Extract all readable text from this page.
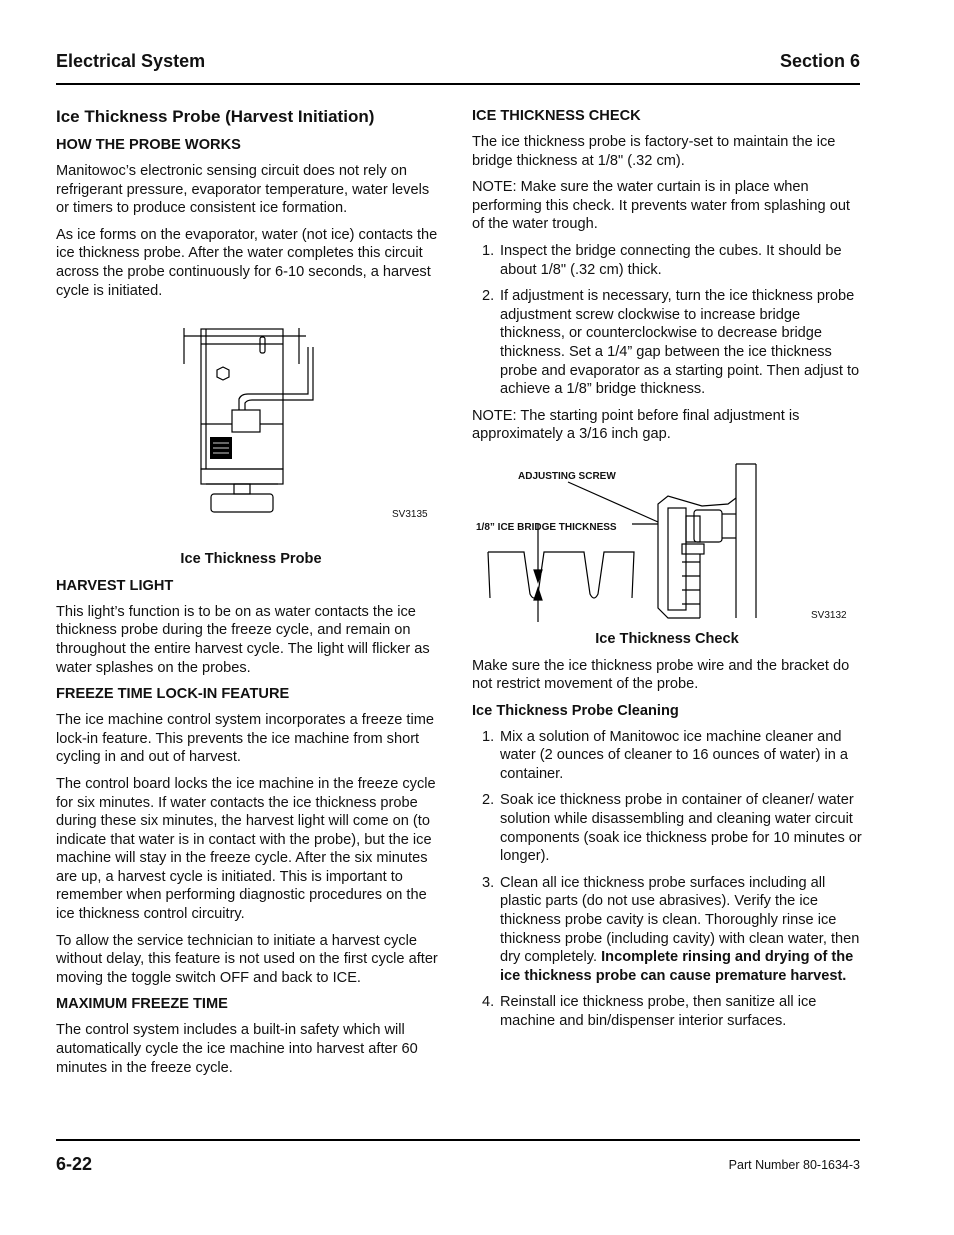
Electrical System	Section 6
Ice Thickness Probe (Harvest Initiation)
HOW THE PROBE WORKS

Manitowoc’s electronic sensing circuit does not rely on refrigerant pressure, evaporator temperature, water levels or timers to produce consistent ice formation.

As ice forms on the evaporator, water (not ice) contacts the ice thickness probe. After the water completes this circuit across the probe continuously for 6-10 seconds, a harvest cycle is initiated.

SV3135

Ice Thickness Probe

HARVEST LIGHT

This light’s function is to be on as water contacts the ice thickness probe during the freeze cycle, and remain on throughout the entire harvest cycle. The light will flicker as water splashes on the probes.

FREEZE TIME LOCK-IN FEATURE

The ice machine control system incorporates a freeze time lock-in feature. This prevents the ice machine from short cycling in and out of harvest.

The control board locks the ice machine in the freeze cycle for six minutes. If water contacts the ice thickness probe during these six minutes, the harvest light will come on (to indicate that water is in contact with the probe), but the ice machine will stay in the freeze cycle. After the six minutes are up, a harvest cycle is initiated. This is important to remember when performing diagnostic procedures on the ice thickness control circuitry.

To allow the service technician to initiate a harvest cycle without delay, this feature is not used on the first cycle after moving the toggle switch OFF and back to ICE.

MAXIMUM FREEZE TIME

The control system includes a built-in safety which will automatically cycle the ice machine into harvest after 60 minutes in the freeze cycle.

ICE THICKNESS CHECK

The ice thickness probe is factory-set to maintain the ice bridge thickness at 1/8" (.32 cm).

NOTE: Make sure the water curtain is in place when performing this check. It prevents water from splashing out of the water trough.

1. Inspect the bridge connecting the cubes. It should be about 1/8" (.32 cm) thick.
2. If adjustment is necessary, turn the ice thickness probe adjustment screw clockwise to increase bridge thickness, or counterclockwise to decrease bridge thickness. Set a 1/4” gap between the ice thickness probe and evaporator as a starting point. Then adjust to achieve a 1/8” bridge thickness.

NOTE: The starting point before final adjustment is approximately a 3/16 inch gap.

ADJUSTING SCREW
1/8” ICE BRIDGE THICKNESS
SV3132

Ice Thickness Check

Make sure the ice thickness probe wire and the bracket do not restrict movement of the probe.

Ice Thickness Probe Cleaning
1. Mix a solution of Manitowoc ice machine cleaner and water (2 ounces of cleaner to 16 ounces of water) in a container.
2. Soak ice thickness probe in container of cleaner/ water solution while disassembling and cleaning water circuit components (soak ice thickness probe for 10 minutes or longer).
3. Clean all ice thickness probe surfaces including all plastic parts (do not use abrasives). Verify the ice thickness probe cavity is clean. Thoroughly rinse ice thickness probe (including cavity) with clean water, then dry completely. Incomplete rinsing and drying of the ice thickness probe can cause premature harvest.
4. Reinstall ice thickness probe, then sanitize all ice machine and bin/dispenser interior surfaces.
6-22	Part Number 80-1634-3
